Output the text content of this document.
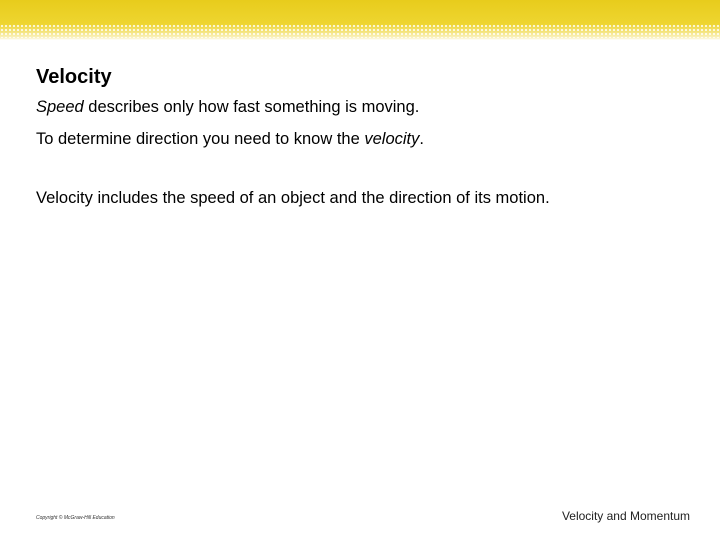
Velocity
Speed describes only how fast something is moving.
To determine direction you need to know the velocity.
Velocity includes the speed of an object and the direction of its motion.
Copyright © McGraw-Hill Education	Velocity and Momentum
